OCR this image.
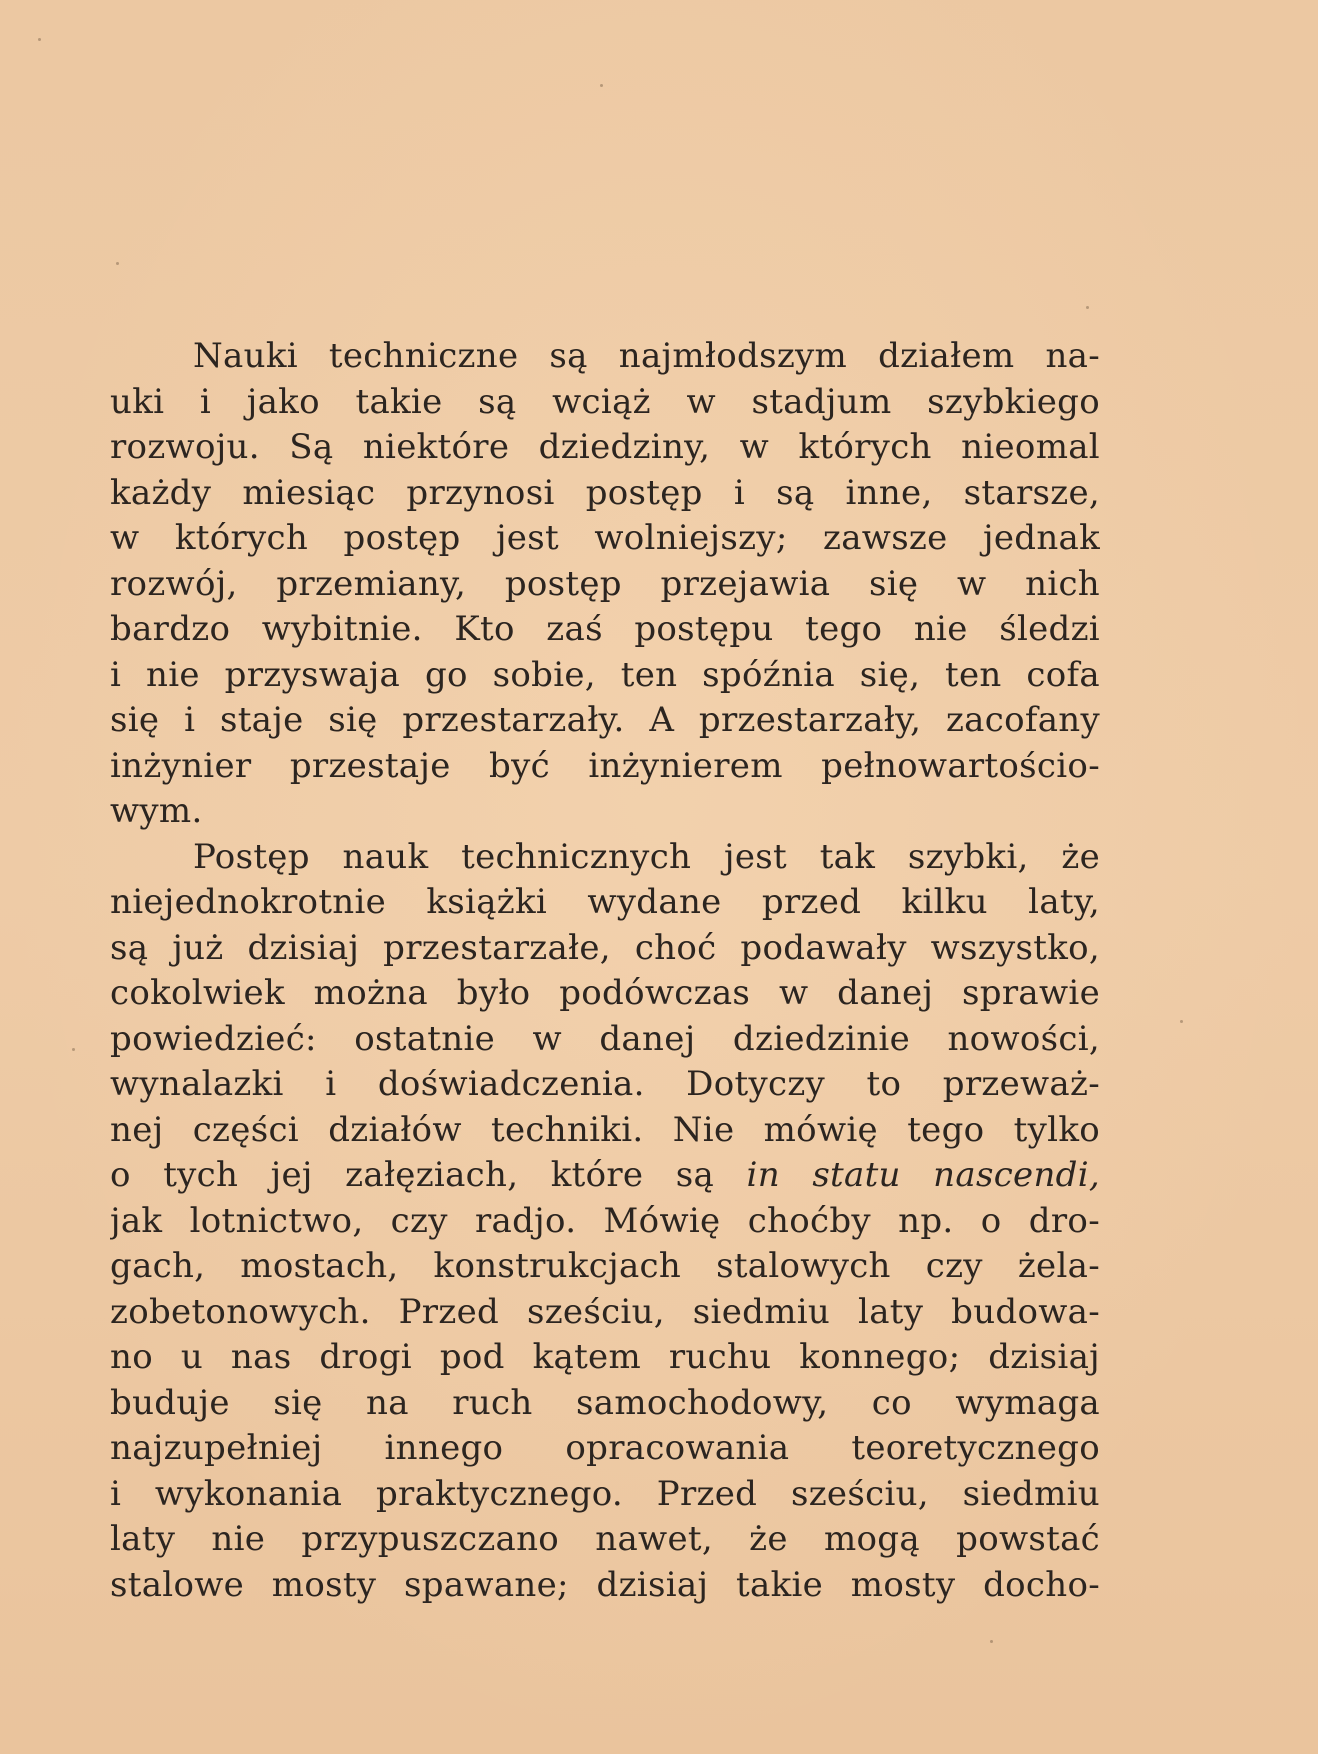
Nauki techniczne są najmłodszym działem na-
uki i jako takie są wciąż w stadjum szybkiego
rozwoju. Są niektóre dziedziny, w których nieomal
każdy miesiąc przynosi postęp i są inne, starsze,
w których postęp jest wolniejszy; zawsze jednak
rozwój, przemiany, postęp przejawia się w nich
bardzo wybitnie. Kto zaś postępu tego nie śledzi
i nie przyswaja go sobie, ten spóźnia się, ten cofa
się i staje się przestarzały. A przestarzały, zacofany
inżynier przestaje być inżynierem pełnowartościo-
wym.
Postęp nauk technicznych jest tak szybki, że
niejednokrotnie książki wydane przed kilku laty,
są już dzisiaj przestarzałe, choć podawały wszystko,
cokolwiek można było podówczas w danej sprawie
powiedzieć: ostatnie w danej dziedzinie nowości,
wynalazki i doświadczenia. Dotyczy to przeważ-
nej części działów techniki. Nie mówię tego tylko
o tych jej załęziach, które są in statu nascendi,
jak lotnictwo, czy radjo. Mówię choćby np. o dro-
gach, mostach, konstrukcjach stalowych czy żela-
zobetonowych. Przed sześciu, siedmiu laty budowa-
no u nas drogi pod kątem ruchu konnego; dzisiaj
buduje się na ruch samochodowy, co wymaga
najzupełniej innego opracowania teoretycznego
i wykonania praktycznego. Przed sześciu, siedmiu
laty nie przypuszczano nawet, że mogą powstać
stalowe mosty spawane; dzisiaj takie mosty docho-
